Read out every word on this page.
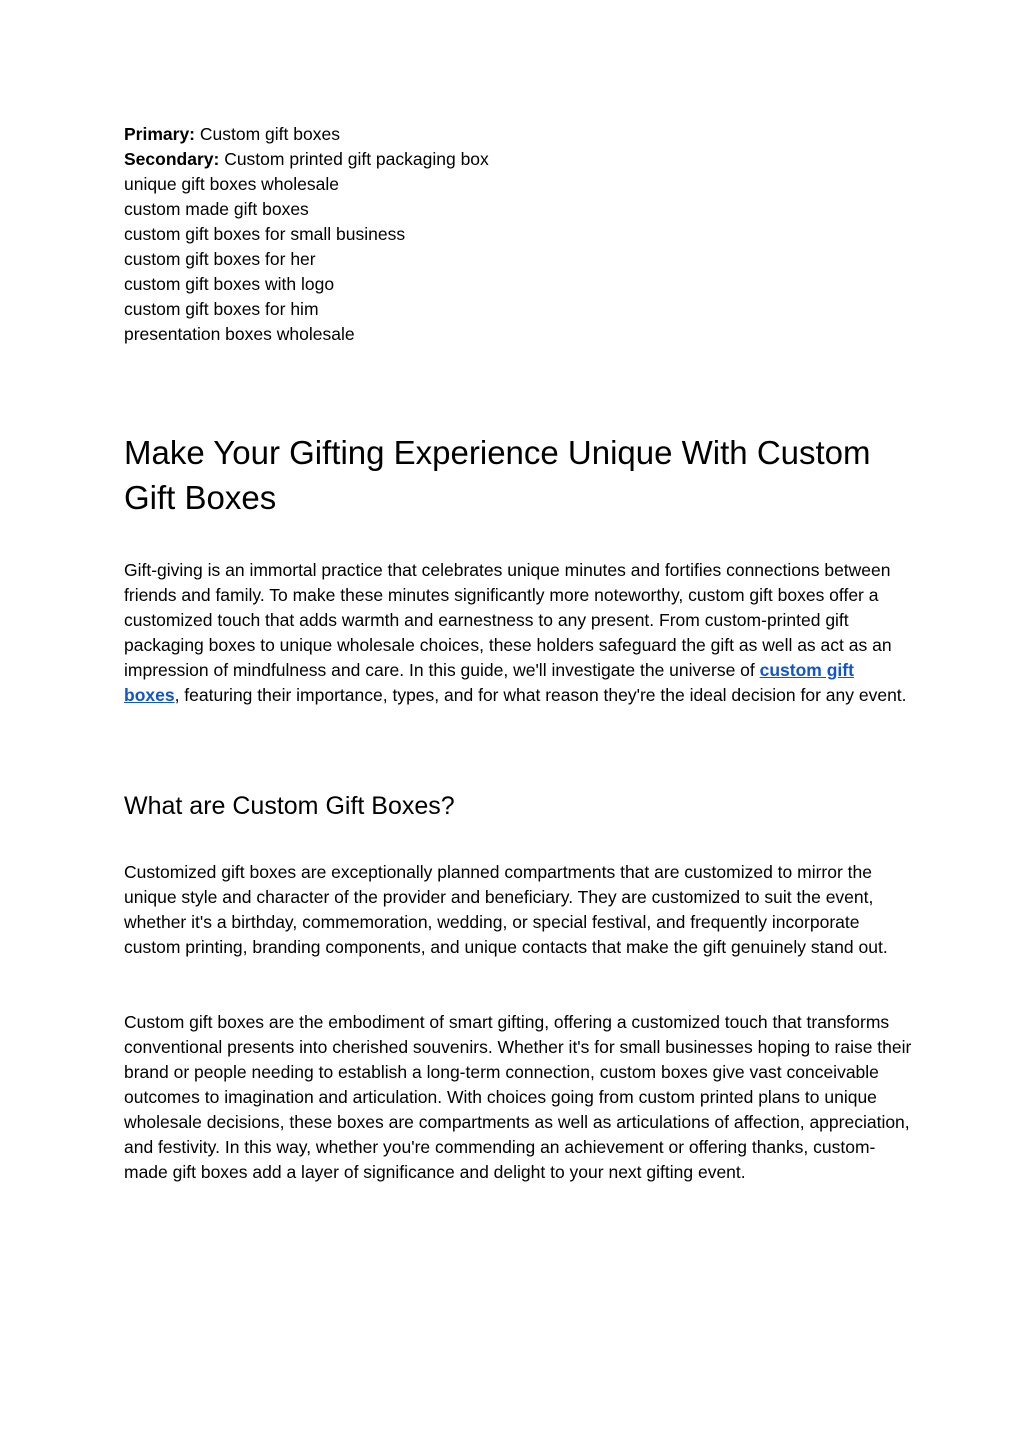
Primary: Custom gift boxes
Secondary: Custom printed gift packaging box
unique gift boxes wholesale
custom made gift boxes
custom gift boxes for small business
custom gift boxes for her
custom gift boxes with logo
custom gift boxes for him
presentation boxes wholesale
Make Your Gifting Experience Unique With Custom Gift Boxes

Gift-giving is an immortal practice that celebrates unique minutes and fortifies connections between friends and family. To make these minutes significantly more noteworthy, custom gift boxes offer a customized touch that adds warmth and earnestness to any present. From custom-printed gift packaging boxes to unique wholesale choices, these holders safeguard the gift as well as act as an impression of mindfulness and care. In this guide, we'll investigate the universe of custom gift boxes, featuring their importance, types, and for what reason they're the ideal decision for any event.

What are Custom Gift Boxes?

Customized gift boxes are exceptionally planned compartments that are customized to mirror the unique style and character of the provider and beneficiary. They are customized to suit the event, whether it's a birthday, commemoration, wedding, or special festival, and frequently incorporate custom printing, branding components, and unique contacts that make the gift genuinely stand out.

Custom gift boxes are the embodiment of smart gifting, offering a customized touch that transforms conventional presents into cherished souvenirs. Whether it's for small businesses hoping to raise their brand or people needing to establish a long-term connection, custom boxes give vast conceivable outcomes to imagination and articulation. With choices going from custom printed plans to unique wholesale decisions, these boxes are compartments as well as articulations of affection, appreciation, and festivity. In this way, whether you're commending an achievement or offering thanks, custom-made gift boxes add a layer of significance and delight to your next gifting event.
